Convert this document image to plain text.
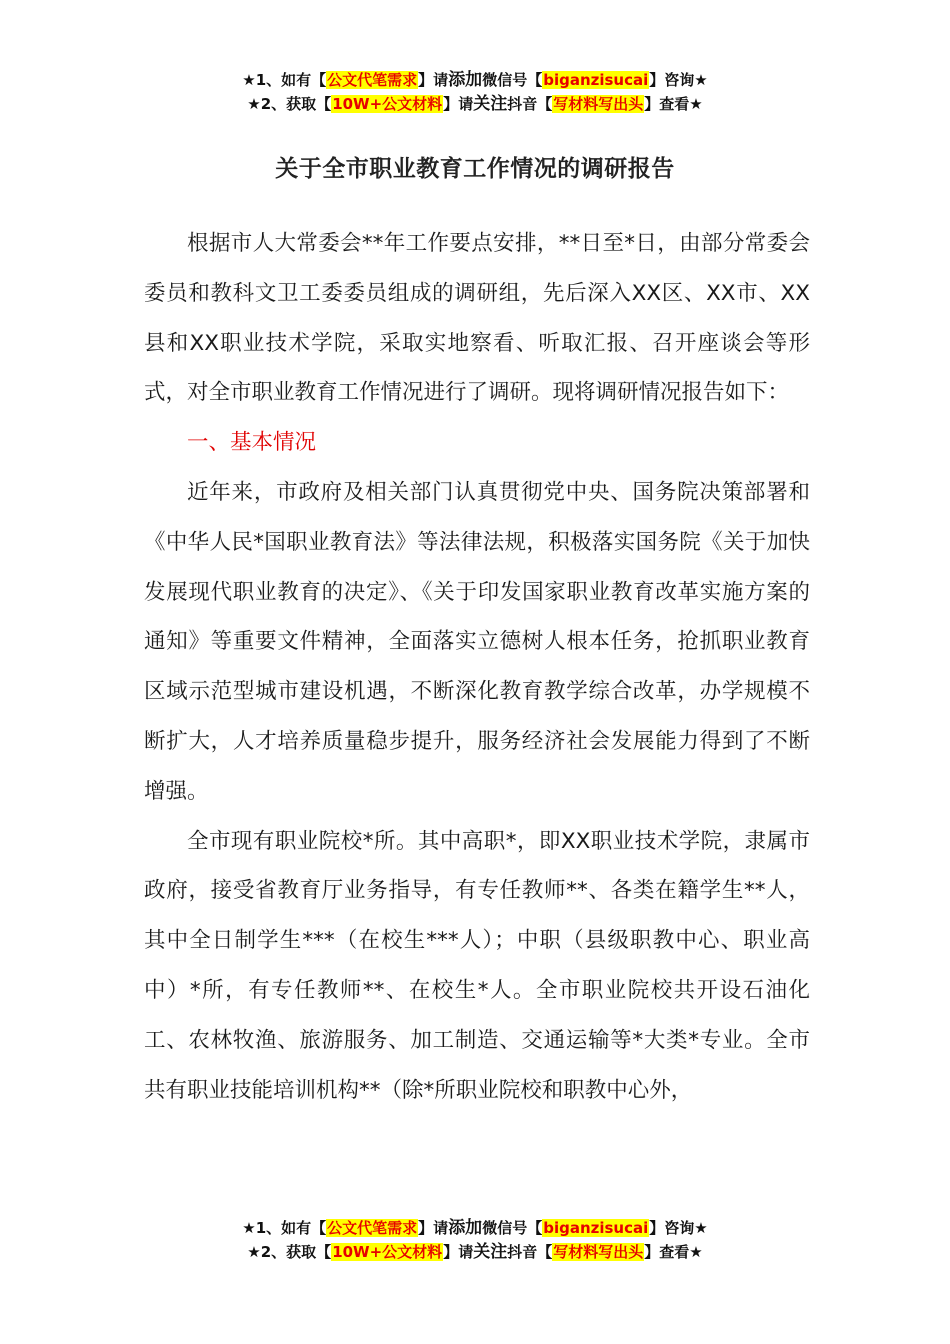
★1、如有【公文代笔需求】请添加微信号【biganzisucai】咨询★
★2、获取【10W+公文材料】请关注抖音【写材料写出头】查看★
关于全市职业教育工作情况的调研报告

根据市人大常委会**年工作要点安排，**日至*日，由部分常委会委员和教科文卫工委委员组成的调研组，先后深入XX区、XX市、XX县和XX职业技术学院，采取实地察看、听取汇报、召开座谈会等形式，对全市职业教育工作情况进行了调研。现将调研情况报告如下：

一、基本情况

近年来，市政府及相关部门认真贯彻党中央、国务院决策部署和《中华人民*国职业教育法》等法律法规，积极落实国务院《关于加快发展现代职业教育的决定》、《关于印发国家职业教育改革实施方案的通知》等重要文件精神，全面落实立德树人根本任务，抢抓职业教育区域示范型城市建设机遇，不断深化教育教学综合改革，办学规模不断扩大，人才培养质量稳步提升，服务经济社会发展能力得到了不断增强。

全市现有职业院校*所。其中高职*，即XX职业技术学院，隶属市政府，接受省教育厅业务指导，有专任教师**、各类在籍学生**人，其中全日制学生***（在校生***人）；中职（县级职教中心、职业高中）*所，有专任教师**、在校生*人。全市职业院校共开设石油化工、农林牧渔、旅游服务、加工制造、交通运输等*大类*专业。全市共有职业技能培训机构**（除*所职业院校和职教中心外，

★1、如有【公文代笔需求】请添加微信号【biganzisucai】咨询★
★2、获取【10W+公文材料】请关注抖音【写材料写出头】查看★
